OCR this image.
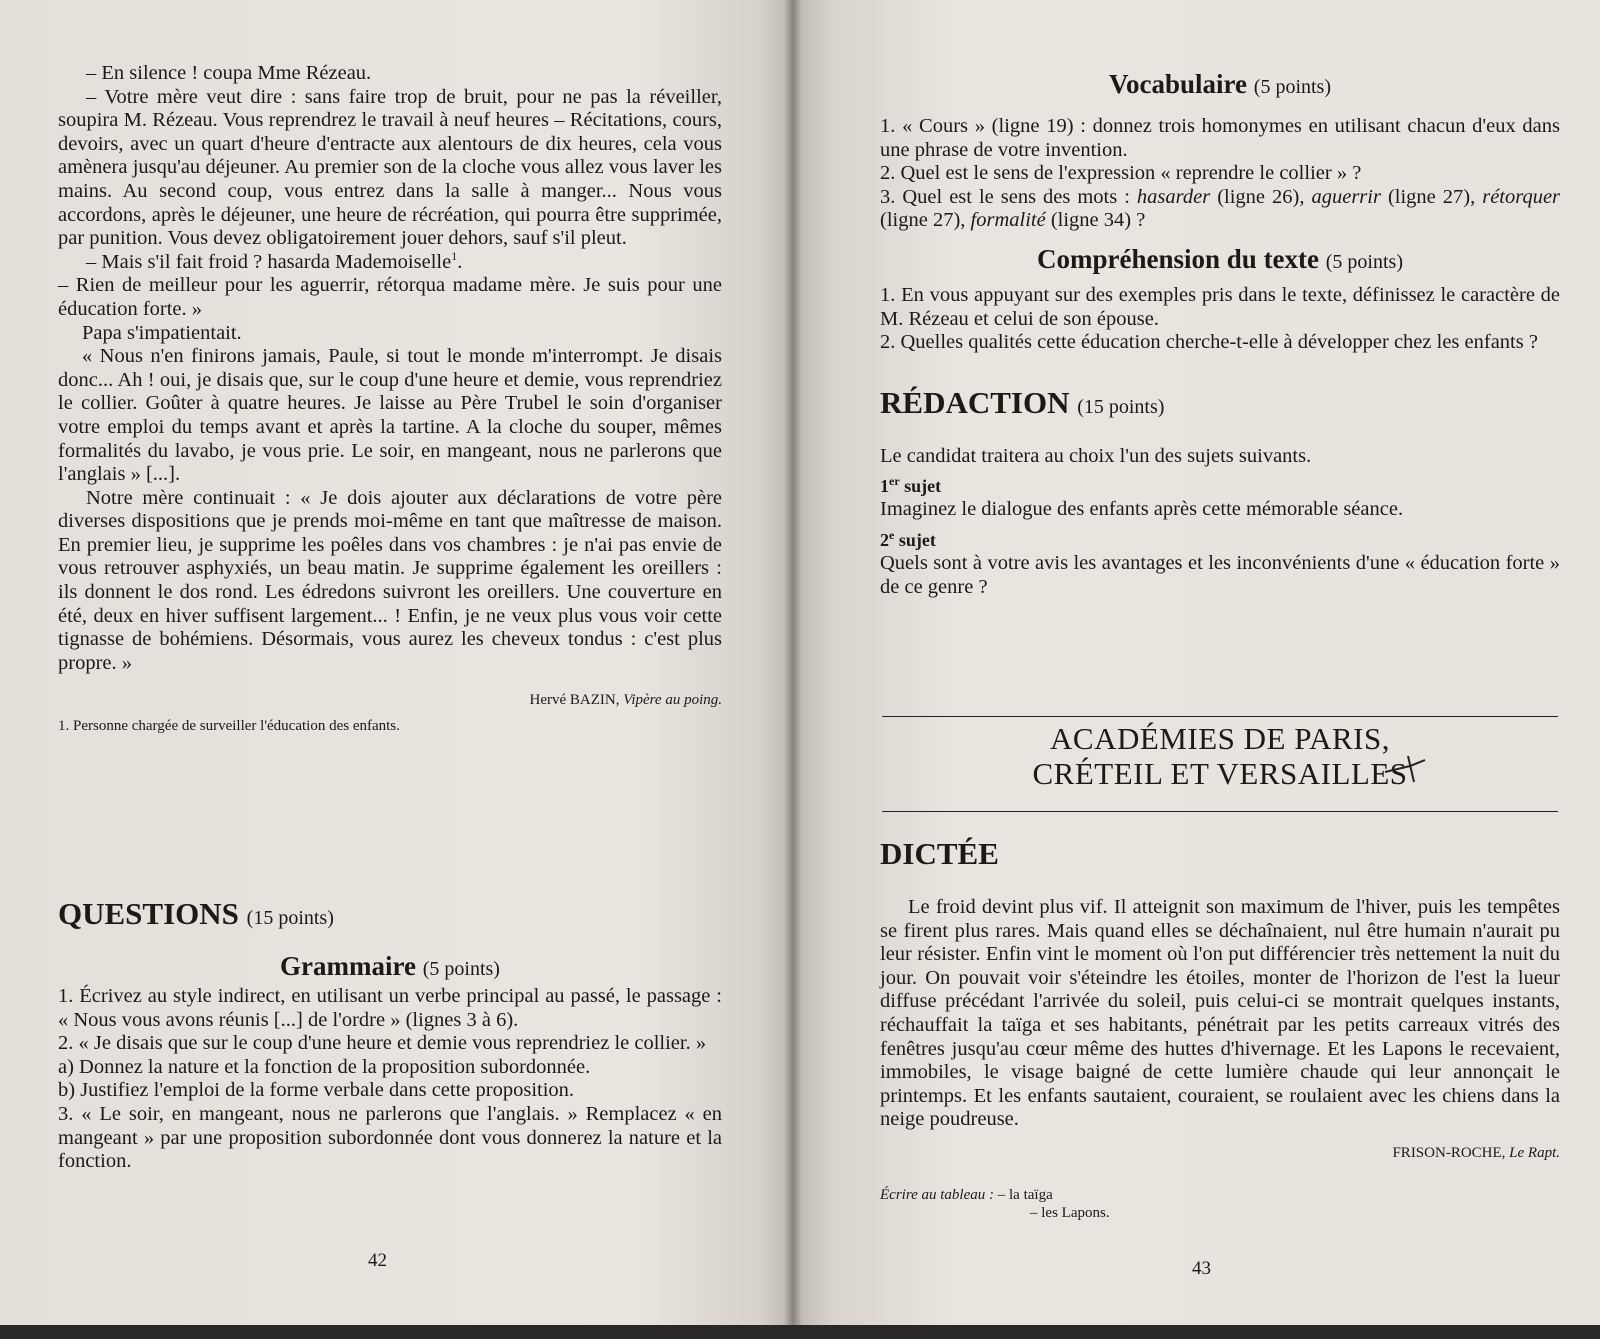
– En silence ! coupa Mme Rézeau.

– Votre mère veut dire : sans faire trop de bruit, pour ne pas la réveiller, soupira M. Rézeau. Vous reprendrez le travail à neuf heures – Récitations, cours, devoirs, avec un quart d'heure d'entracte aux alentours de dix heures, cela vous amènera jusqu'au déjeuner. Au premier son de la cloche vous allez vous laver les mains. Au second coup, vous entrez dans la salle à manger... Nous vous accordons, après le déjeuner, une heure de récréation, qui pourra être supprimée, par punition. Vous devez obligatoirement jouer dehors, sauf s'il pleut.

– Mais s'il fait froid ? hasarda Mademoiselle$^1$.

– Rien de meilleur pour les aguerrir, rétorqua madame mère. Je suis pour une éducation forte. »

Papa s'impatientait.

« Nous n'en finirons jamais, Paule, si tout le monde m'interrompt. Je disais donc... Ah ! oui, je disais que, sur le coup d'une heure et demie, vous reprendriez le collier. Goûter à quatre heures. Je laisse au Père Trubel le soin d'organiser votre emploi du temps avant et après la tartine. A la cloche du souper, mêmes formalités du lavabo, je vous prie. Le soir, en mangeant, nous ne parlerons que l'anglais » [...].

Notre mère continuait : « Je dois ajouter aux déclarations de votre père diverses dispositions que je prends moi-même en tant que maîtresse de maison. En premier lieu, je supprime les poêles dans vos chambres : je n'ai pas envie de vous retrouver asphyxiés, un beau matin. Je supprime également les oreillers : ils donnent le dos rond. Les édredons suivront les oreillers. Une couverture en été, deux en hiver suffisent largement... ! Enfin, je ne veux plus vous voir cette tignasse de bohémiens. Désormais, vous aurez les cheveux tondus : c'est plus propre. »

Hervé BAZIN, Vipère au poing.

1. Personne chargée de surveiller l'éducation des enfants.

QUESTIONS (15 points)
Grammaire (5 points)

1. Écrivez au style indirect, en utilisant un verbe principal au passé, le passage : « Nous vous avons réunis [...] de l'ordre » (lignes 3 à 6).

2. « Je disais que sur le coup d'une heure et demie vous reprendriez le collier. »

a) Donnez la nature et la fonction de la proposition subordonnée.

b) Justifiez l'emploi de la forme verbale dans cette proposition.

3. « Le soir, en mangeant, nous ne parlerons que l'anglais. » Remplacez « en mangeant » par une proposition subordonnée dont vous donnerez la nature et la fonction.

42
Vocabulaire (5 points)

1. « Cours » (ligne 19) : donnez trois homonymes en utilisant chacun d'eux dans une phrase de votre invention.

2. Quel est le sens de l'expression « reprendre le collier » ?

3. Quel est le sens des mots : hasarder (ligne 26), aguerrir (ligne 27), rétorquer (ligne 27), formalité (ligne 34) ?

Compréhension du texte (5 points)

1. En vous appuyant sur des exemples pris dans le texte, définissez le caractère de M. Rézeau et celui de son épouse.

2. Quelles qualités cette éducation cherche-t-elle à développer chez les enfants ?

RÉDACTION (15 points)

Le candidat traitera au choix l'un des sujets suivants.

1er sujet

Imaginez le dialogue des enfants après cette mémorable séance.

2e sujet

Quels sont à votre avis les avantages et les inconvénients d'une « éducation forte » de ce genre ?

ACADÉMIES DE PARIS,
CRÉTEIL ET VERSAILLES
DICTÉE

Le froid devint plus vif. Il atteignit son maximum de l'hiver, puis les tempêtes se firent plus rares. Mais quand elles se déchaînaient, nul être humain n'aurait pu leur résister. Enfin vint le moment où l'on put différencier très nettement la nuit du jour. On pouvait voir s'éteindre les étoiles, monter de l'horizon de l'est la lueur diffuse précédant l'arrivée du soleil, puis celui-ci se montrait quelques instants, réchauffait la taïga et ses habitants, pénétrait par les petits carreaux vitrés des fenêtres jusqu'au cœur même des huttes d'hivernage. Et les Lapons le recevaient, immobiles, le visage baigné de cette lumière chaude qui leur annonçait le printemps. Et les enfants sautaient, couraient, se roulaient avec les chiens dans la neige poudreuse.

FRISON-ROCHE, Le Rapt.

Écrire au tableau : – la taïga
– les Lapons.
43
